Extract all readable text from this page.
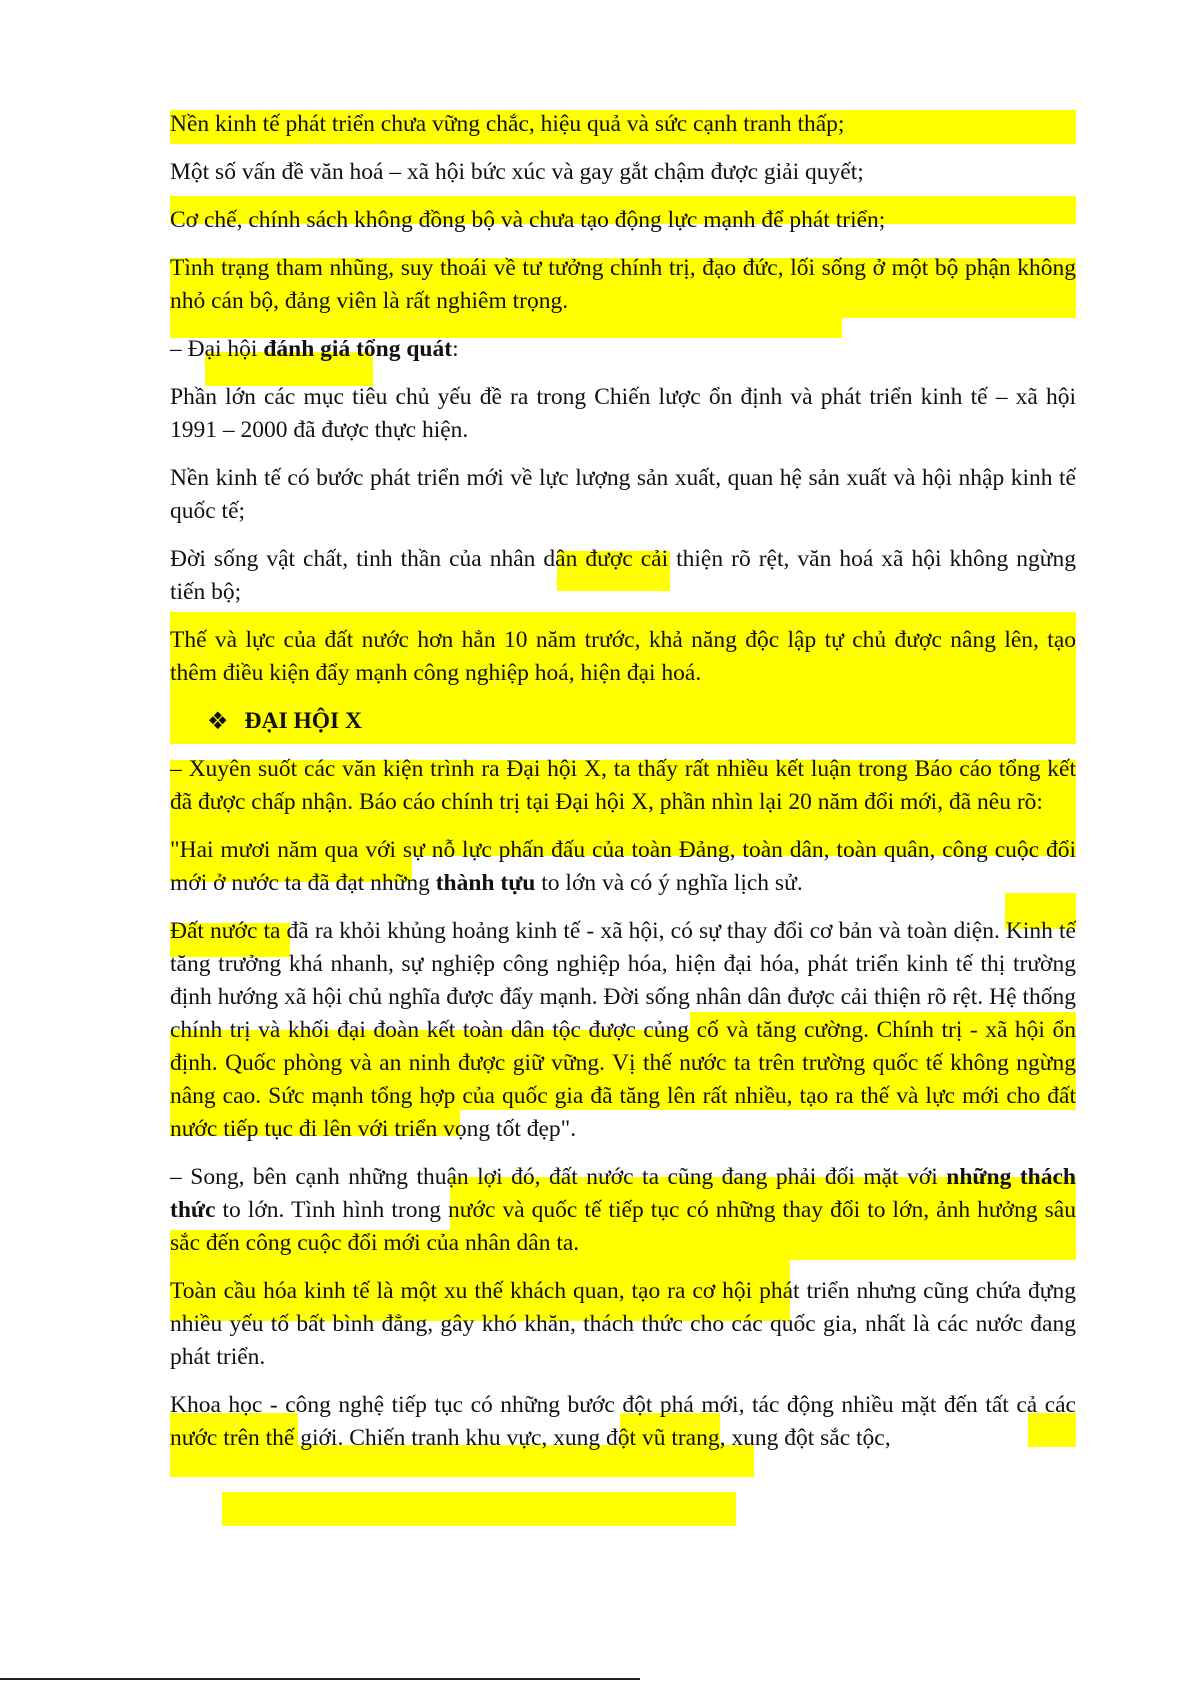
Nền kinh tế phát triển chưa vững chắc, hiệu quả và sức cạnh tranh thấp;

Một số vấn đề văn hoá – xã hội bức xúc và gay gắt chậm được giải quyết;

Cơ chế, chính sách không đồng bộ và chưa tạo động lực mạnh để phát triển;

Tình trạng tham nhũng, suy thoái về tư tưởng chính trị, đạo đức, lối sống ở một bộ phận không nhỏ cán bộ, đảng viên là rất nghiêm trọng.

– Đại hội đánh giá tổng quát:

Phần lớn các mục tiêu chủ yếu đề ra trong Chiến lược ổn định và phát triển kinh tế – xã hội 1991 – 2000 đã được thực hiện.

Nền kinh tế có bước phát triển mới về lực lượng sản xuất, quan hệ sản xuất và hội nhập kinh tế quốc tế;

Đời sống vật chất, tinh thần của nhân dân được cải thiện rõ rệt, văn hoá xã hội không ngừng tiến bộ;

Thế và lực của đất nước hơn hẳn 10 năm trước, khả năng độc lập tự chủ được nâng lên, tạo thêm điều kiện đẩy mạnh công nghiệp hoá, hiện đại hoá.

❖ ĐẠI HỘI X

– Xuyên suốt các văn kiện trình ra Đại hội X, ta thấy rất nhiều kết luận trong Báo cáo tổng kết đã được chấp nhận. Báo cáo chính trị tại Đại hội X, phần nhìn lại 20 năm đổi mới, đã nêu rõ:

"Hai mươi năm qua với sự nỗ lực phấn đấu của toàn Đảng, toàn dân, toàn quân, công cuộc đổi mới ở nước ta đã đạt những thành tựu to lớn và có ý nghĩa lịch sử.

Đất nước ta đã ra khỏi khủng hoảng kinh tế - xã hội, có sự thay đổi cơ bản và toàn diện. Kinh tế tăng trưởng khá nhanh, sự nghiệp công nghiệp hóa, hiện đại hóa, phát triển kinh tế thị trường định hướng xã hội chủ nghĩa được đẩy mạnh. Đời sống nhân dân được cải thiện rõ rệt. Hệ thống chính trị và khối đại đoàn kết toàn dân tộc được củng cố và tăng cường. Chính trị - xã hội ổn định. Quốc phòng và an ninh được giữ vững. Vị thế nước ta trên trường quốc tế không ngừng nâng cao. Sức mạnh tổng hợp của quốc gia đã tăng lên rất nhiều, tạo ra thế và lực mới cho đất nước tiếp tục đi lên với triển vọng tốt đẹp".

– Song, bên cạnh những thuận lợi đó, đất nước ta cũng đang phải đối mặt với những thách thức to lớn. Tình hình trong nước và quốc tế tiếp tục có những thay đổi to lớn, ảnh hưởng sâu sắc đến công cuộc đổi mới của nhân dân ta.

Toàn cầu hóa kinh tế là một xu thế khách quan, tạo ra cơ hội phát triển nhưng cũng chứa đựng nhiều yếu tố bất bình đẳng, gây khó khăn, thách thức cho các quốc gia, nhất là các nước đang phát triển.

Khoa học - công nghệ tiếp tục có những bước đột phá mới, tác động nhiều mặt đến tất cả các nước trên thế giới. Chiến tranh khu vực, xung đột vũ trang, xung đột sắc tộc,
